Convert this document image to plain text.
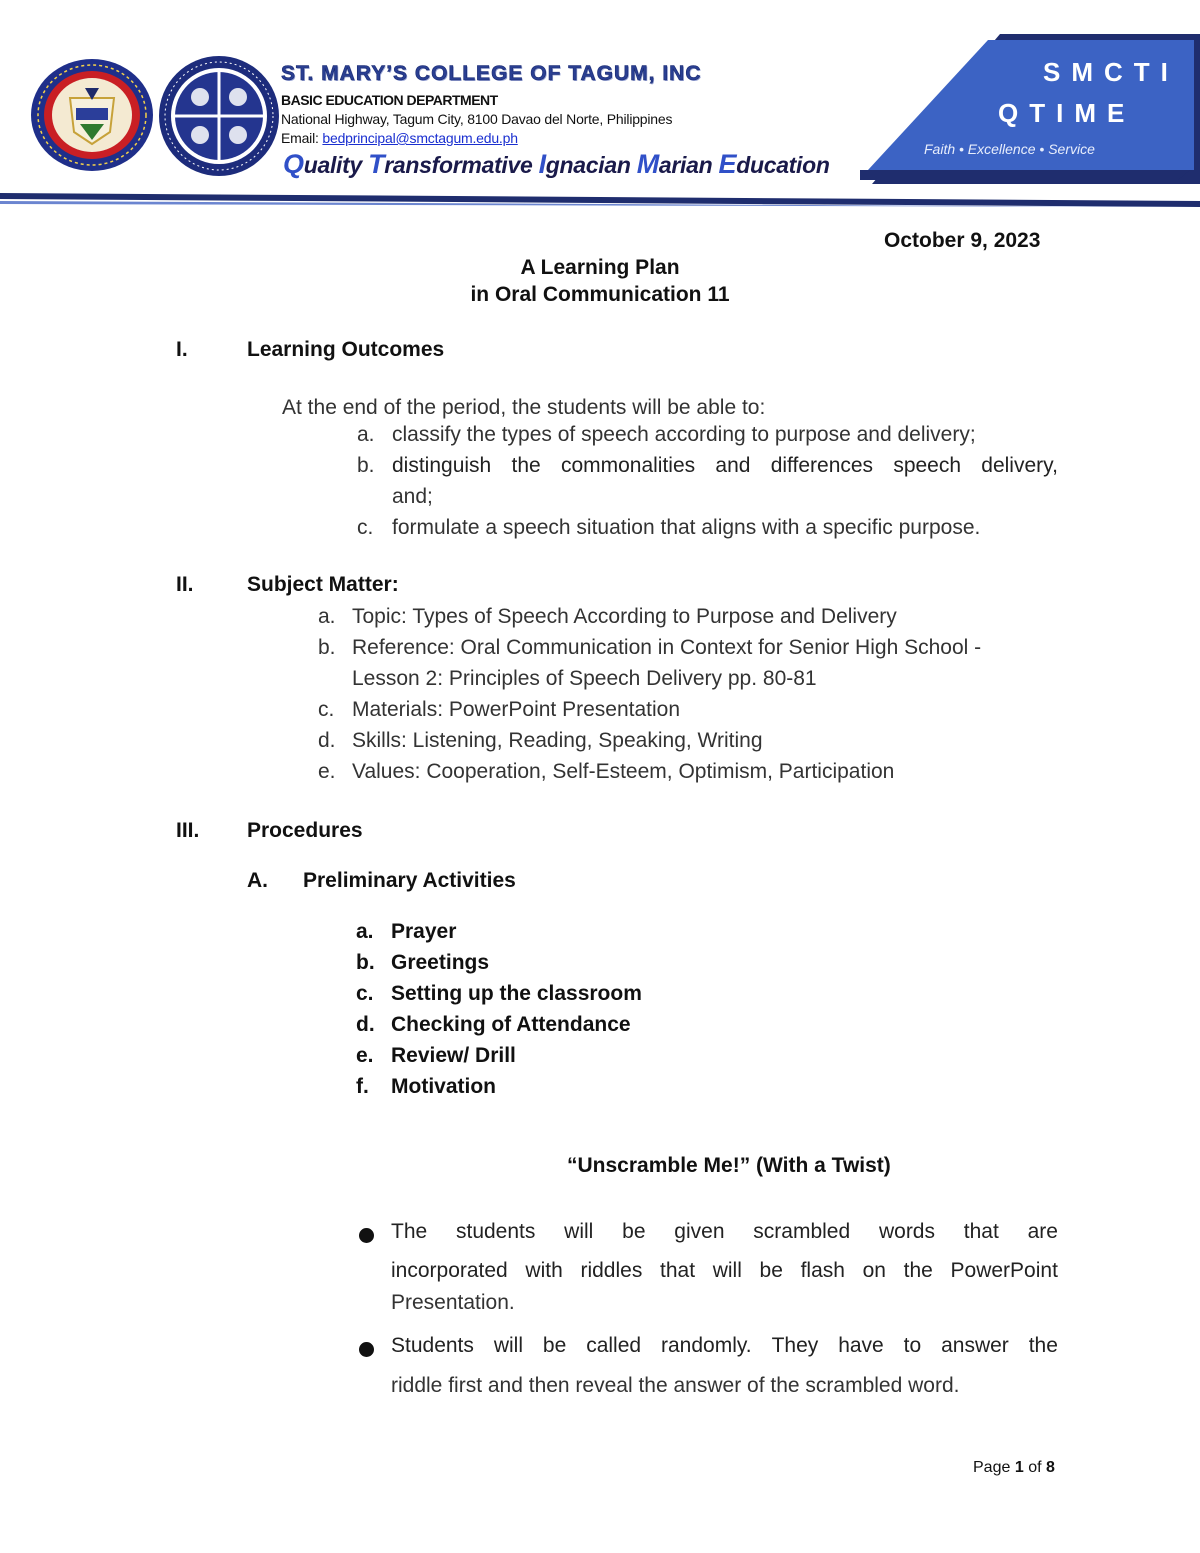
ST. MARY’S COLLEGE OF TAGUM, INC
BASIC EDUCATION DEPARTMENT
National Highway, Tagum City, 8100 Davao del Norte, Philippines
Email: bedprincipal@smctagum.edu.ph
Quality Transformative Ignacian Marian Education
SMCTI
QTIME
Faith • Excellence • Service
October 9, 2023
A Learning Plan
in Oral Communication 11
I.	Learning Outcomes
At the end of the period, the students will be able to:
a. classify the types of speech according to purpose and delivery;
b. distinguish the commonalities and differences speech delivery,
and;
c. formulate a speech situation that aligns with a specific purpose.
II.	Subject Matter:
a. Topic: Types of Speech According to Purpose and Delivery
b. Reference: Oral Communication in Context for Senior High School -
Lesson 2: Principles of Speech Delivery pp. 80-81
c. Materials: PowerPoint Presentation
d. Skills: Listening, Reading, Speaking, Writing
e. Values: Cooperation, Self-Esteem, Optimism, Participation
III. Procedures
A. Preliminary Activities
a. Prayer
b. Greetings
c. Setting up the classroom
d. Checking of Attendance
e. Review/ Drill
f. Motivation
“Unscramble Me!” (With a Twist)
The students will be given scrambled words that are
incorporated with riddles that will be flash on the PowerPoint
Presentation.
Students will be called randomly. They have to answer the
riddle first and then reveal the answer of the scrambled word.
Page 1 of 8
